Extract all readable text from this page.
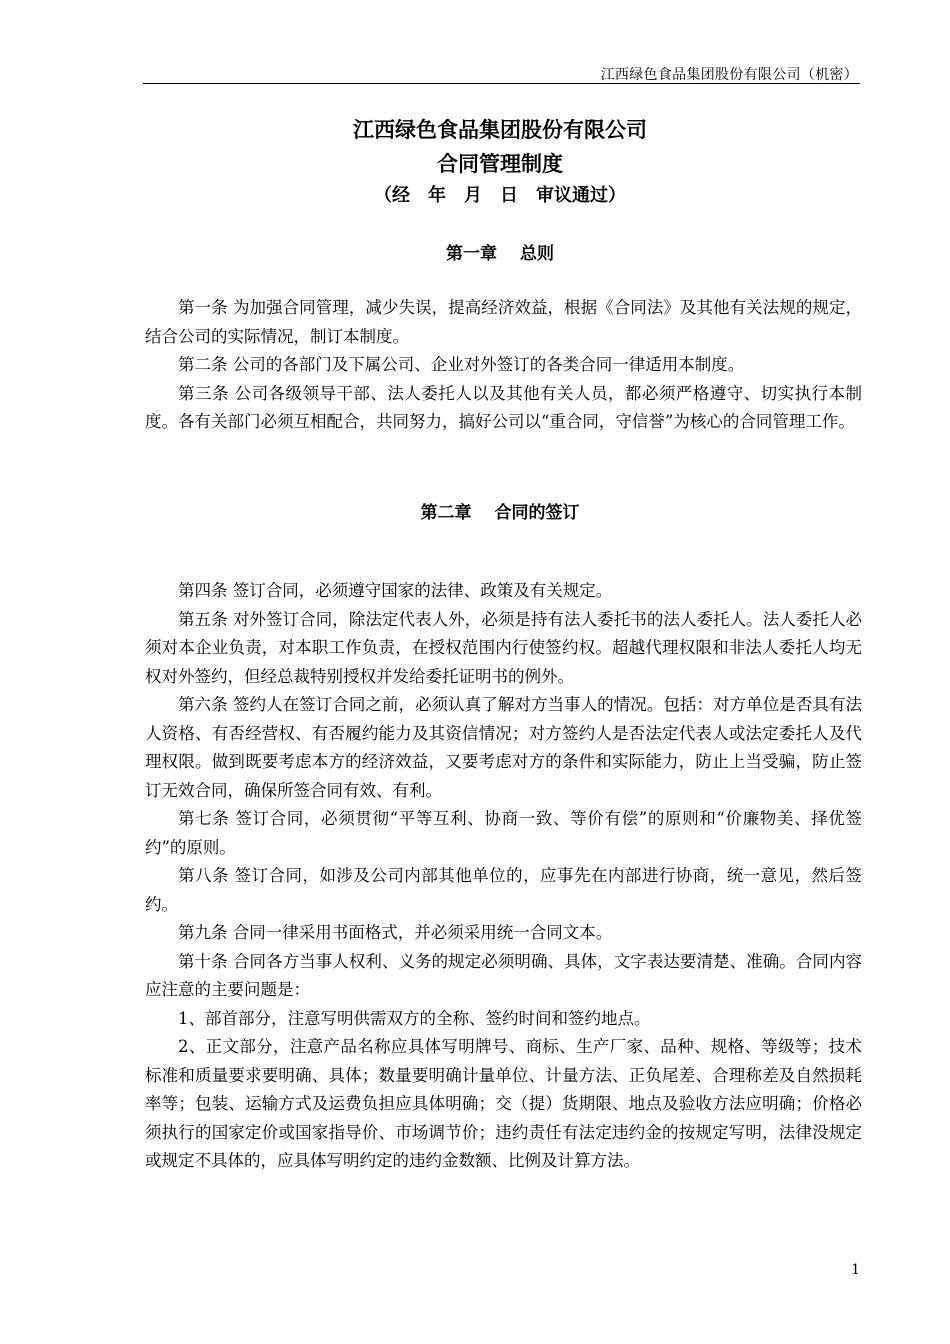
江西绿色食品集团股份有限公司（机密）
江西绿色食品集团股份有限公司
合同管理制度
（经　年　月　日　审议通过）
第一章　 总则

第一条 为加强合同管理，减少失误，提高经济效益，根据《合同法》及其他有关法规的规定，结合公司的实际情况，制订本制度。

第二条 公司的各部门及下属公司、企业对外签订的各类合同一律适用本制度。

第三条 公司各级领导干部、法人委托人以及其他有关人员，都必须严格遵守、切实执行本制度。各有关部门必须互相配合，共同努力，搞好公司以“重合同，守信誉”为核心的合同管理工作。

第二章　 合同的签订

第四条 签订合同，必须遵守国家的法律、政策及有关规定。

第五条 对外签订合同，除法定代表人外，必须是持有法人委托书的法人委托人。法人委托人必须对本企业负责，对本职工作负责，在授权范围内行使签约权。超越代理权限和非法人委托人均无权对外签约，但经总裁特别授权并发给委托证明书的例外。

第六条 签约人在签订合同之前，必须认真了解对方当事人的情况。包括：对方单位是否具有法人资格、有否经营权、有否履约能力及其资信情况；对方签约人是否法定代表人或法定委托人及代理权限。做到既要考虑本方的经济效益，又要考虑对方的条件和实际能力，防止上当受骗，防止签订无效合同，确保所签合同有效、有利。

第七条 签订合同，必须贯彻“平等互利、协商一致、等价有偿”的原则和“价廉物美、择优签约”的原则。

第八条 签订合同，如涉及公司内部其他单位的，应事先在内部进行协商，统一意见，然后签约。

第九条 合同一律采用书面格式，并必须采用统一合同文本。

第十条 合同各方当事人权利、义务的规定必须明确、具体，文字表达要清楚、准确。合同内容应注意的主要问题是：

1、部首部分，注意写明供需双方的全称、签约时间和签约地点。

2、正文部分，注意产品名称应具体写明牌号、商标、生产厂家、品种、规格、等级等；技术标准和质量要求要明确、具体；数量要明确计量单位、计量方法、正负尾差、合理称差及自然损耗率等；包装、运输方式及运费负担应具体明确；交（提）货期限、地点及验收方法应明确；价格必须执行的国家定价或国家指导价、市场调节价；违约责任有法定违约金的按规定写明，法律没规定或规定不具体的，应具体写明约定的违约金数额、比例及计算方法。

1
